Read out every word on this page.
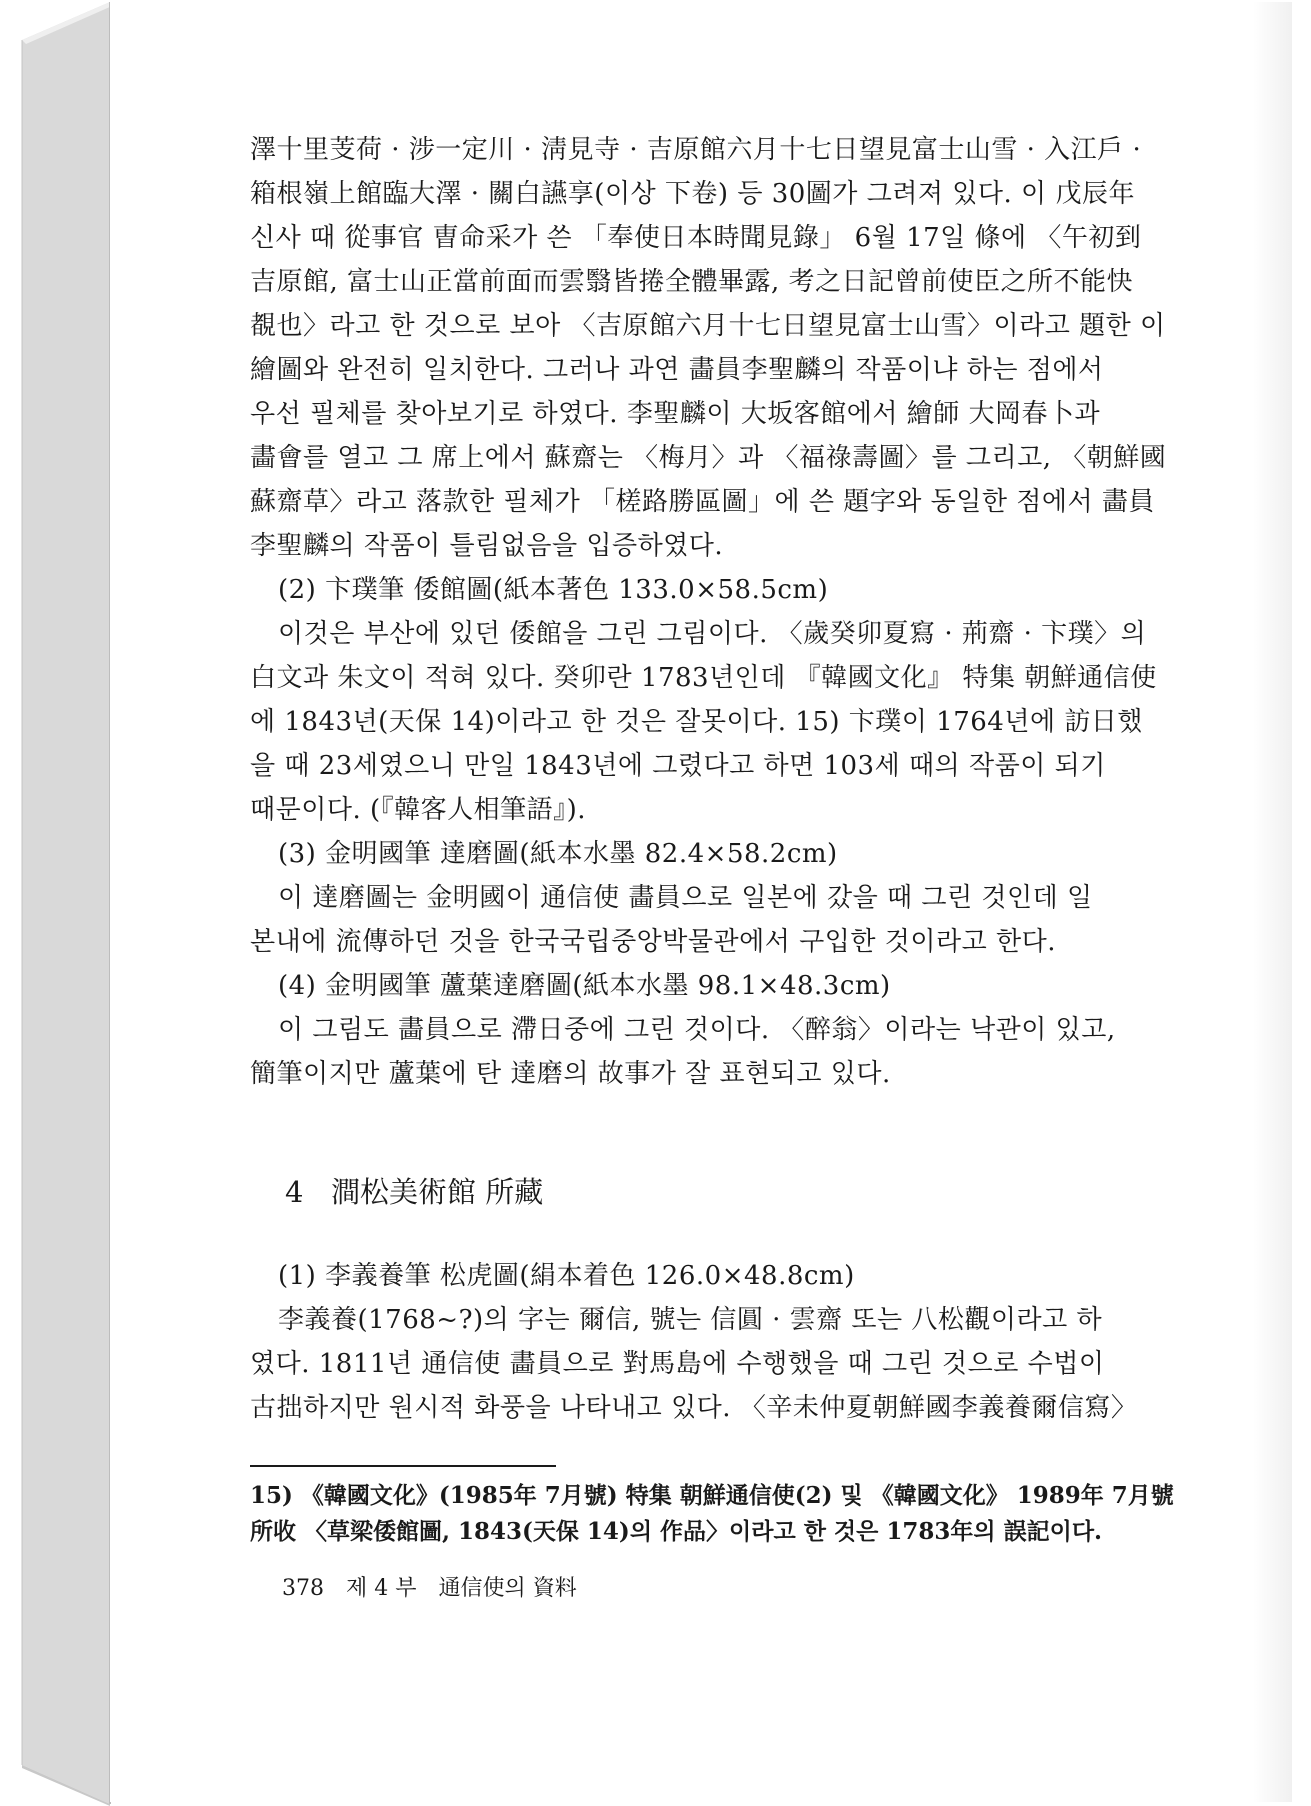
澤十里芰荷 · 涉一定川 · 淸見寺 · 吉原館六月十七日望見富士山雪 · 入江戶 ·
箱根嶺上館臨大澤 · 關白讌享(이상 下卷) 등 30圖가 그려져 있다. 이 戊辰年
신사 때 從事官 曺命采가 쓴 「奉使日本時聞見錄」 6월 17일 條에 〈午初到
吉原館, 富士山正當前面而雲翳皆捲全體畢露, 考之日記曾前使臣之所不能快
覩也〉라고 한 것으로 보아 〈吉原館六月十七日望見富士山雪〉이라고 題한 이
繪圖와 완전히 일치한다. 그러나 과연 畵員李聖麟의 작품이냐 하는 점에서
우선 필체를 찾아보기로 하였다. 李聖麟이 大坂客館에서 繪師 大岡春卜과
畵會를 열고 그 席上에서 蘇齋는 〈梅月〉과 〈福祿壽圖〉를 그리고, 〈朝鮮國
蘇齋草〉라고 落款한 필체가 「槎路勝區圖」에 쓴 題字와 동일한 점에서 畵員
李聖麟의 작품이 틀림없음을 입증하였다.
(2) 卞璞筆 倭館圖(紙本著色 133.0×58.5cm)
이것은 부산에 있던 倭館을 그린 그림이다. 〈歲癸卯夏寫 · 荊齋 · 卞璞〉의
白文과 朱文이 적혀 있다. 癸卯란 1783년인데 『韓國文化』 特集 朝鮮通信使
에 1843년(天保 14)이라고 한 것은 잘못이다. 15) 卞璞이 1764년에 訪日했
을 때 23세였으니 만일 1843년에 그렸다고 하면 103세 때의 작품이 되기
때문이다. (『韓客人相筆語』).
(3) 金明國筆 達磨圖(紙本水墨 82.4×58.2cm)
이 達磨圖는 金明國이 通信使 畵員으로 일본에 갔을 때 그린 것인데 일
본내에 流傳하던 것을 한국국립중앙박물관에서 구입한 것이라고 한다.
(4) 金明國筆 蘆葉達磨圖(紙本水墨 98.1×48.3cm)
이 그림도 畵員으로 滯日중에 그린 것이다. 〈醉翁〉이라는 낙관이 있고,
簡筆이지만 蘆葉에 탄 達磨의 故事가 잘 표현되고 있다.
4 澗松美術館 所藏
(1) 李義養筆 松虎圖(絹本着色 126.0×48.8cm)
李義養(1768~?)의 字는 爾信, 號는 信圓 · 雲齋 또는 八松觀이라고 하
였다. 1811년 通信使 畵員으로 對馬島에 수행했을 때 그린 것으로 수법이
古拙하지만 원시적 화풍을 나타내고 있다. 〈辛未仲夏朝鮮國李義養爾信寫〉
15) 《韓國文化》(1985年 7月號) 特集 朝鮮通信使(2) 및 《韓國文化》 1989年 7月號
所收 〈草梁倭館圖, 1843(天保 14)의 作品〉이라고 한 것은 1783年의 誤記이다.
378 제 4 부 通信使의 資料
